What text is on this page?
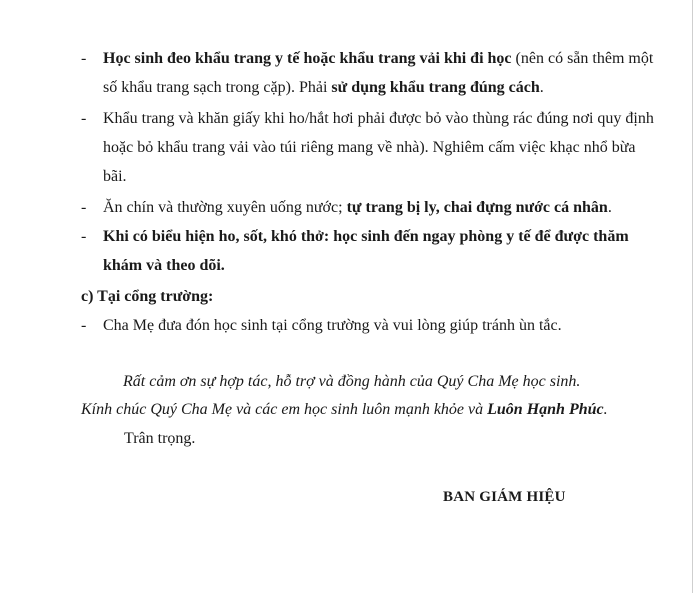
- Học sinh đeo khẩu trang y tế hoặc khẩu trang vải khi đi học (nên có sẵn thêm một số khẩu trang sạch trong cặp). Phải sử dụng khẩu trang đúng cách.
- Khẩu trang và khăn giấy khi ho/hắt hơi phải được bỏ vào thùng rác đúng nơi quy định hoặc bỏ khẩu trang vải vào túi riêng mang về nhà). Nghiêm cấm việc khạc nhổ bừa bãi.
- Ăn chín và thường xuyên uống nước; tự trang bị ly, chai đựng nước cá nhân.
- Khi có biểu hiện ho, sốt, khó thở: học sinh đến ngay phòng y tế để được thăm khám và theo dõi.
c) Tại cổng trường:
- Cha Mẹ đưa đón học sinh tại cổng trường và vui lòng giúp tránh ùn tắc.
Rất cảm ơn sự hợp tác, hỗ trợ và đồng hành của Quý Cha Mẹ học sinh.
Kính chúc Quý Cha Mẹ và các em học sinh luôn mạnh khỏe và Luôn Hạnh Phúc.
Trân trọng.
BAN GIÁM HIỆU
